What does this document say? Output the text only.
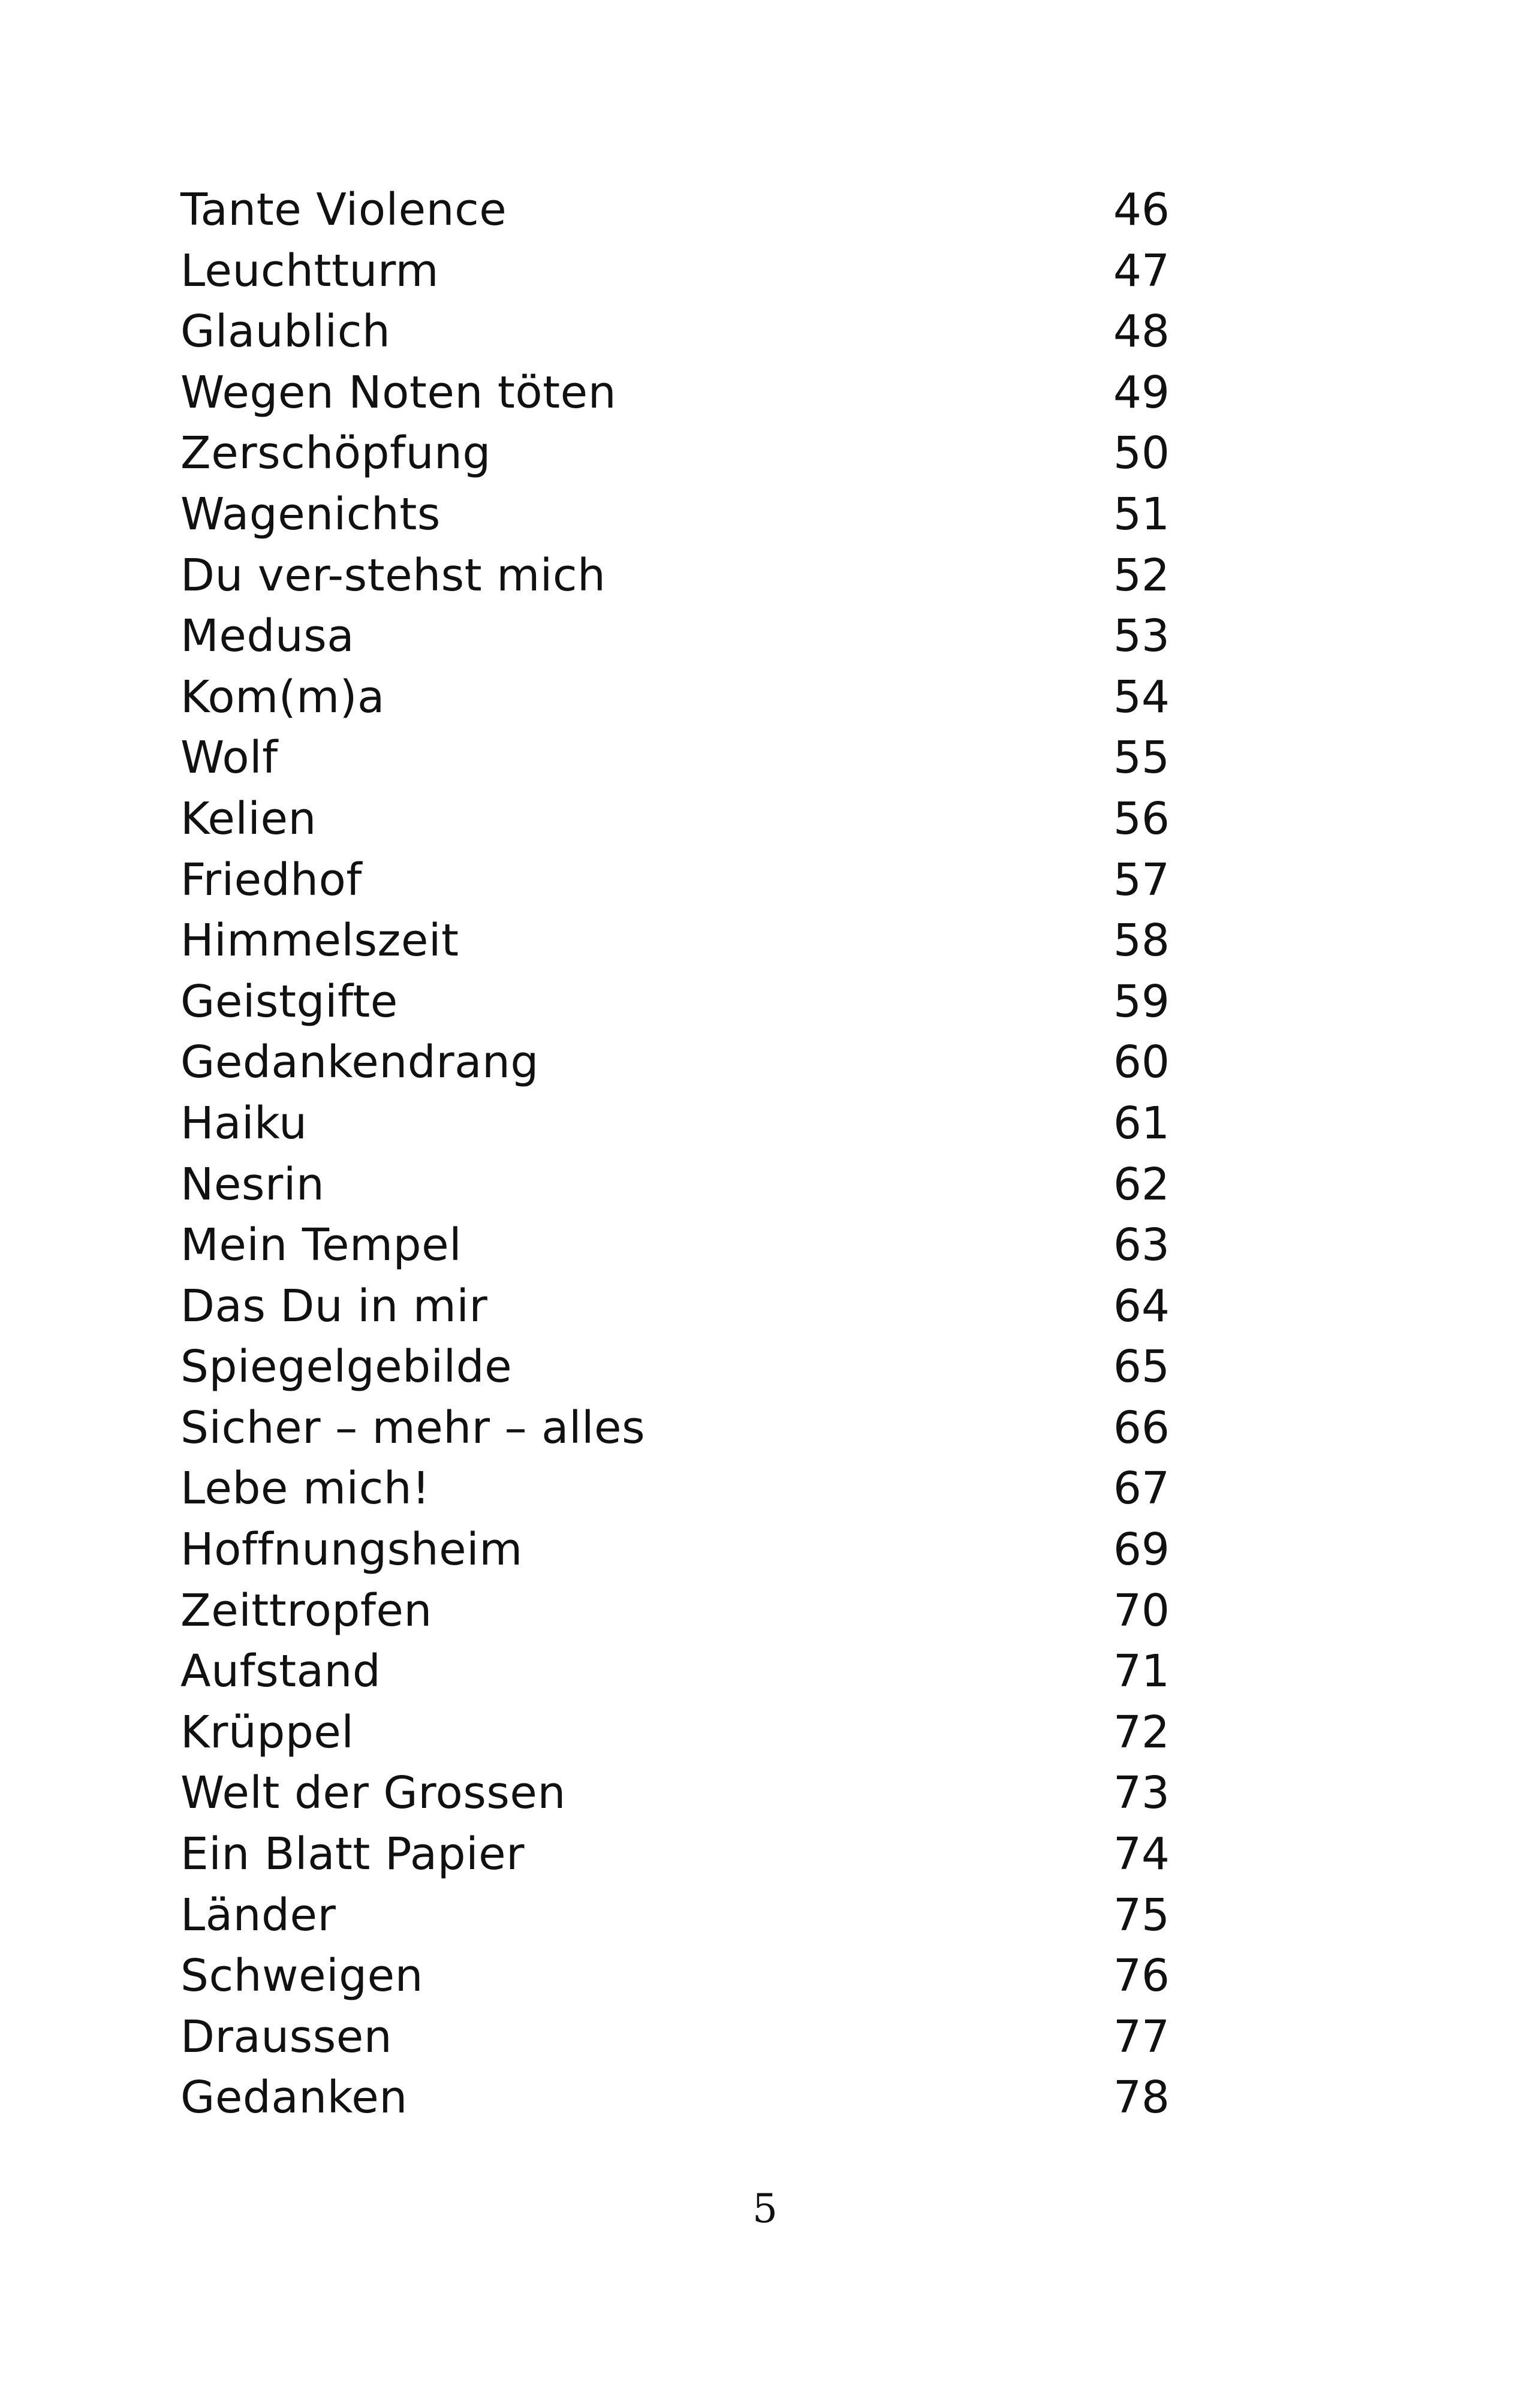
Tante Violence	46
Leuchtturm	47
Glaublich	48
Wegen Noten töten	49
Zerschöpfung	50
Wagenichts	51
Du ver-stehst mich	52
Medusa	53
Kom(m)a	54
Wolf	55
Kelien	56
Friedhof	57
Himmelszeit	58
Geistgifte	59
Gedankendrang	60
Haiku	61
Nesrin	62
Mein Tempel	63
Das Du in mir	64
Spiegelgebilde	65
Sicher – mehr – alles	66
Lebe mich!	67
Hoffnungsheim	69
Zeittropfen	70
Aufstand	71
Krüppel	72
Welt der Grossen	73
Ein Blatt Papier	74
Länder	75
Schweigen	76
Draussen	77
Gedanken	78
5
